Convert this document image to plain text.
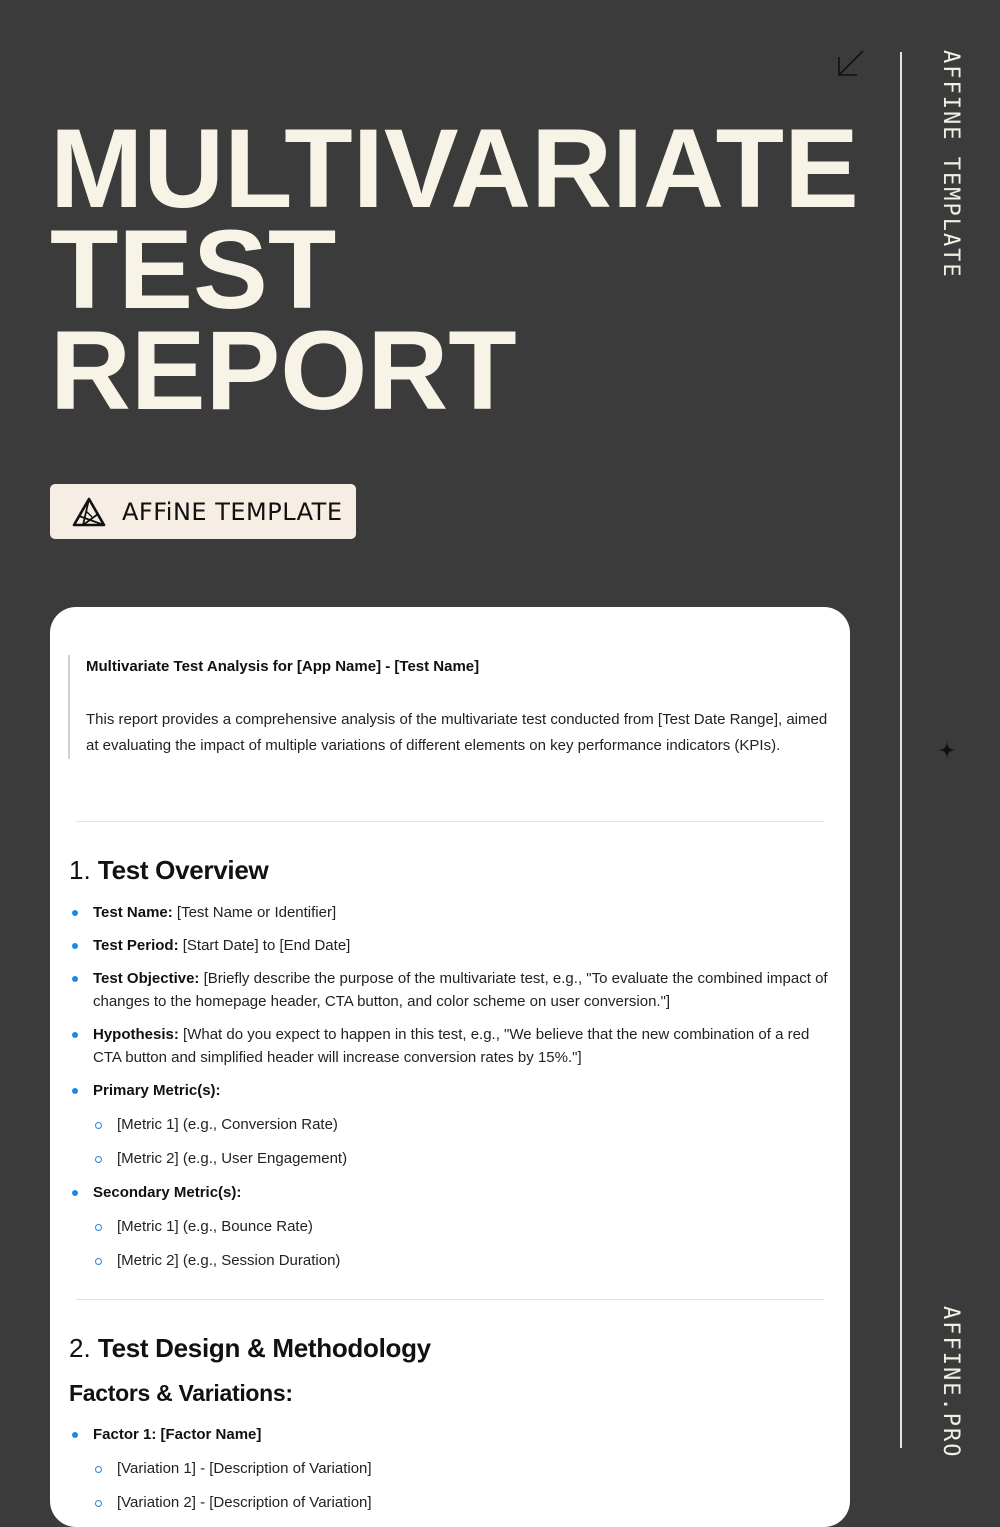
AFFINE TEMPLATE
AFFINE.PRO
MULTIVARIATE
TEST
REPORT
AFFiNE TEMPLATE
Multivariate Test Analysis for [App Name] - [Test Name]
This report provides a comprehensive analysis of the multivariate test conducted from [Test Date Range], aimed at evaluating the impact of multiple variations of different elements on key performance indicators (KPIs).
1. Test Overview
Test Name: [Test Name or Identifier]
Test Period: [Start Date] to [End Date]
Test Objective: [Briefly describe the purpose of the multivariate test, e.g., "To evaluate the combined impact of changes to the homepage header, CTA button, and color scheme on user conversion."]
Hypothesis: [What do you expect to happen in this test, e.g., "We believe that the new combination of a red CTA button and simplified header will increase conversion rates by 15%."]
Primary Metric(s):
[Metric 1] (e.g., Conversion Rate)
[Metric 2] (e.g., User Engagement)
Secondary Metric(s):
[Metric 1] (e.g., Bounce Rate)
[Metric 2] (e.g., Session Duration)
2. Test Design & Methodology
Factors & Variations:
Factor 1: [Factor Name]
[Variation 1] - [Description of Variation]
[Variation 2] - [Description of Variation]
